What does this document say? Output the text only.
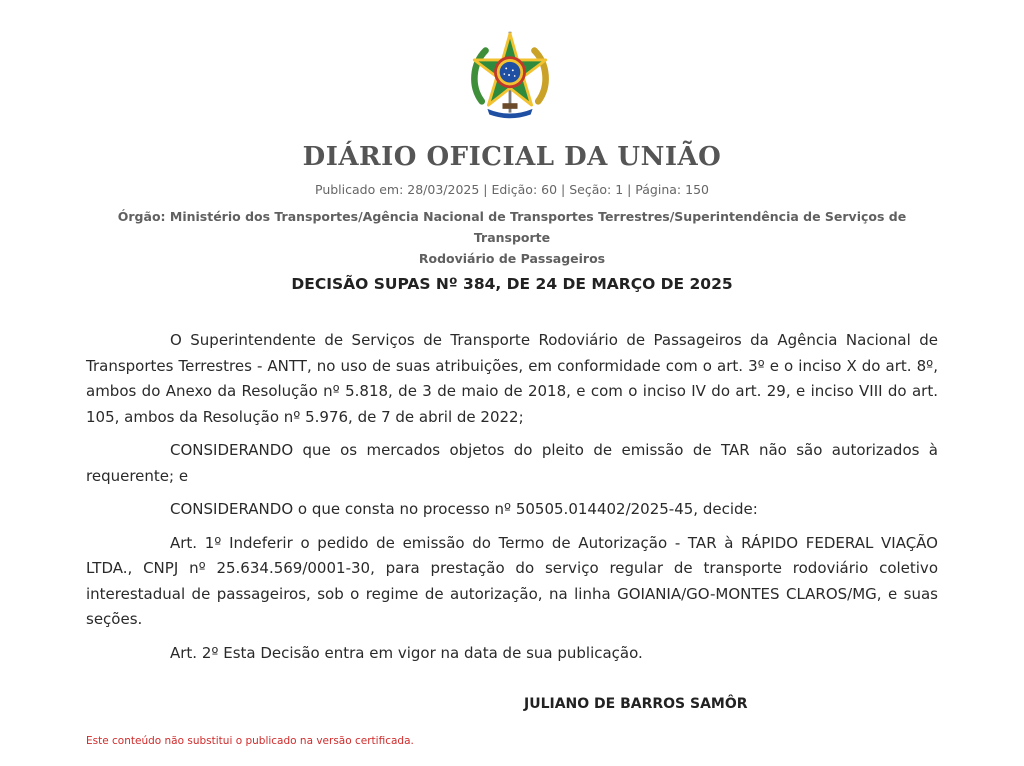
DIÁRIO OFICIAL DA UNIÃO
Publicado em: 28/03/2025 | Edição: 60 | Seção: 1 | Página: 150
Órgão: Ministério dos Transportes/Agência Nacional de Transportes Terrestres/Superintendência de Serviços de Transporte
Rodoviário de Passageiros
DECISÃO SUPAS Nº 384, DE 24 DE MARÇO DE 2025

O Superintendente de Serviços de Transporte Rodoviário de Passageiros da Agência Nacional de Transportes Terrestres - ANTT, no uso de suas atribuições, em conformidade com o art. 3º e o inciso X do art. 8º, ambos do Anexo da Resolução nº 5.818, de 3 de maio de 2018, e com o inciso IV do art. 29, e inciso VIII do art. 105, ambos da Resolução nº 5.976, de 7 de abril de 2022;

CONSIDERANDO que os mercados objetos do pleito de emissão de TAR não são autorizados à requerente; e

CONSIDERANDO o que consta no processo nº 50505.014402/2025-45, decide:

Art. 1º Indeferir o pedido de emissão do Termo de Autorização - TAR à RÁPIDO FEDERAL VIAÇÃO LTDA., CNPJ nº 25.634.569/0001-30, para prestação do serviço regular de transporte rodoviário coletivo interestadual de passageiros, sob o regime de autorização, na linha GOIANIA/GO-MONTES CLAROS/MG, e suas seções.

Art. 2º Esta Decisão entra em vigor na data de sua publicação.

JULIANO DE BARROS SAMÔR
Este conteúdo não substitui o publicado na versão certificada.
